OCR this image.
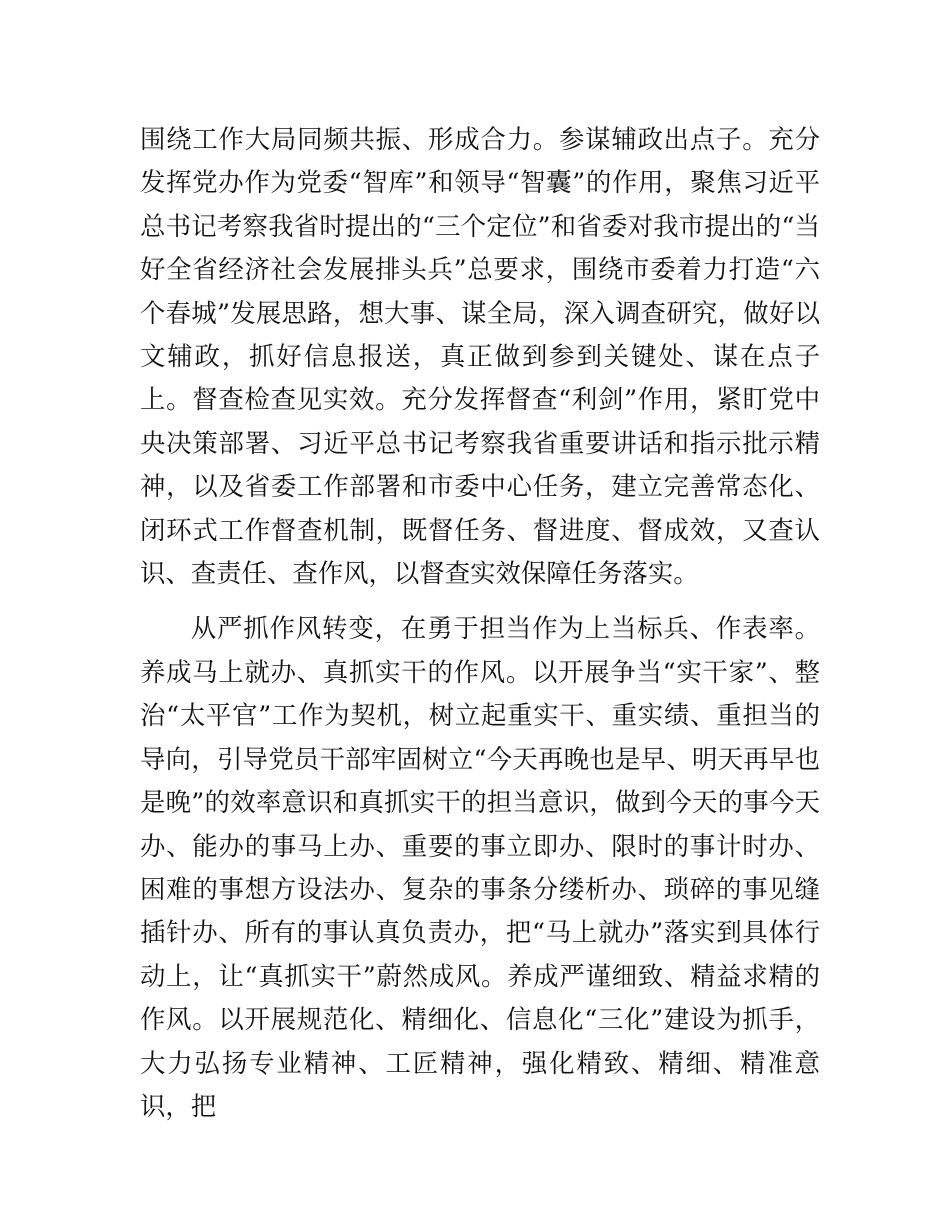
围绕工作大局同频共振、形成合力。参谋辅政出点子。充分发挥党办作为党委“智库”和领导“智囊”的作用，聚焦习近平总书记考察我省时提出的“三个定位”和省委对我市提出的“当好全省经济社会发展排头兵”总要求，围绕市委着力打造“六个春城”发展思路，想大事、谋全局，深入调查研究，做好以文辅政，抓好信息报送，真正做到参到关键处、谋在点子上。督查检查见实效。充分发挥督查“利剑”作用，紧盯党中央决策部署、习近平总书记考察我省重要讲话和指示批示精神，以及省委工作部署和市委中心任务，建立完善常态化、闭环式工作督查机制，既督任务、督进度、督成效，又查认识、查责任、查作风，以督查实效保障任务落实。

从严抓作风转变，在勇于担当作为上当标兵、作表率。养成马上就办、真抓实干的作风。以开展争当“实干家”、整治“太平官”工作为契机，树立起重实干、重实绩、重担当的导向，引导党员干部牢固树立“今天再晚也是早、明天再早也是晚”的效率意识和真抓实干的担当意识，做到今天的事今天办、能办的事马上办、重要的事立即办、限时的事计时办、困难的事想方设法办、复杂的事条分缕析办、琐碎的事见缝插针办、所有的事认真负责办，把“马上就办”落实到具体行动上，让“真抓实干”蔚然成风。养成严谨细致、精益求精的作风。以开展规范化、精细化、信息化“三化”建设为抓手，大力弘扬专业精神、工匠精神，强化精致、精细、精准意识，把
